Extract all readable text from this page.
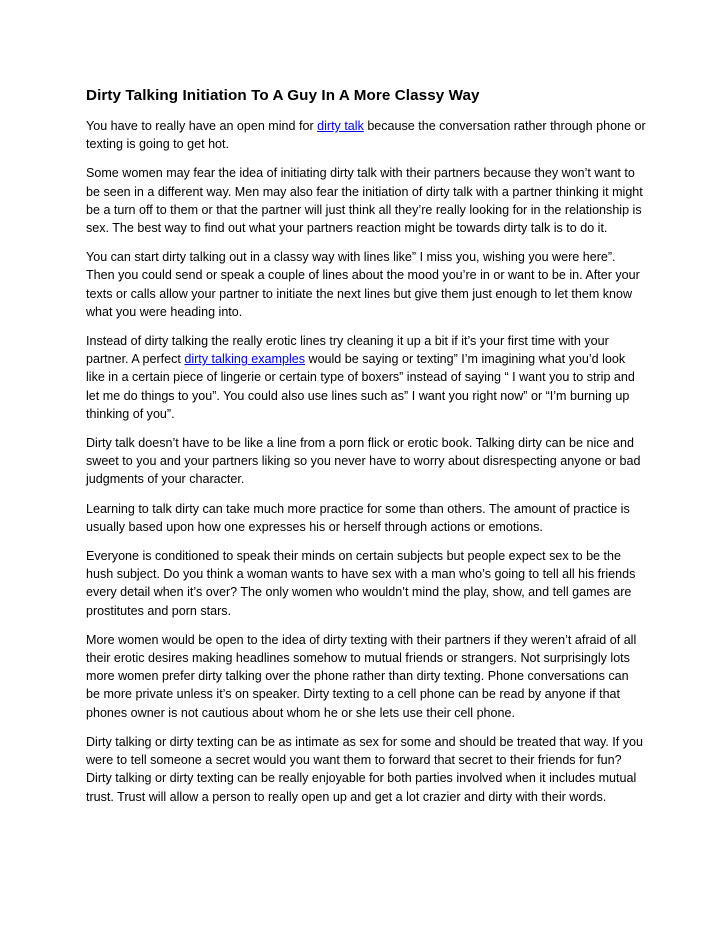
Dirty Talking Initiation To A Guy In A More Classy Way

You have to really have an open mind for dirty talk because the conversation rather through phone or texting is going to get hot.

Some women may fear the idea of initiating dirty talk with their partners because they won’t want to be seen in a different way. Men may also fear the initiation of dirty talk with a partner thinking it might be a turn off to them or that the partner will just think all they’re really looking for in the relationship is sex. The best way to find out what your partners reaction might be towards dirty talk is to do it.

You can start dirty talking out in a classy way with lines like” I miss you, wishing you were here”. Then you could send or speak a couple of lines about the mood you’re in or want to be in. After your texts or calls allow your partner to initiate the next lines but give them just enough to let them know what you were heading into.

Instead of dirty talking the really erotic lines try cleaning it up a bit if it’s your first time with your partner. A perfect dirty talking examples would be saying or texting” I’m imagining what you’d look like in a certain piece of lingerie or certain type of boxers” instead of saying “ I want you to strip and let me do things to you”. You could also use lines such as” I want you right now” or “I’m burning up thinking of you”.

Dirty talk doesn’t have to be like a line from a porn flick or erotic book. Talking dirty can be nice and sweet to you and your partners liking so you never have to worry about disrespecting anyone or bad judgments of your character.

Learning to talk dirty can take much more practice for some than others. The amount of practice is usually based upon how one expresses his or herself through actions or emotions.

Everyone is conditioned to speak their minds on certain subjects but people expect sex to be the hush subject. Do you think a woman wants to have sex with a man who’s going to tell all his friends every detail when it’s over? The only women who wouldn’t mind the play, show, and tell games are prostitutes and porn stars.

More women would be open to the idea of dirty texting with their partners if they weren’t afraid of all their erotic desires making headlines somehow to mutual friends or strangers. Not surprisingly lots more women prefer dirty talking over the phone rather than dirty texting. Phone conversations can be more private unless it’s on speaker. Dirty texting to a cell phone can be read by anyone if that phones owner is not cautious about whom he or she lets use their cell phone.

Dirty talking or dirty texting can be as intimate as sex for some and should be treated that way. If you were to tell someone a secret would you want them to forward that secret to their friends for fun? Dirty talking or dirty texting can be really enjoyable for both parties involved when it includes mutual trust. Trust will allow a person to really open up and get a lot crazier and dirty with their words.
